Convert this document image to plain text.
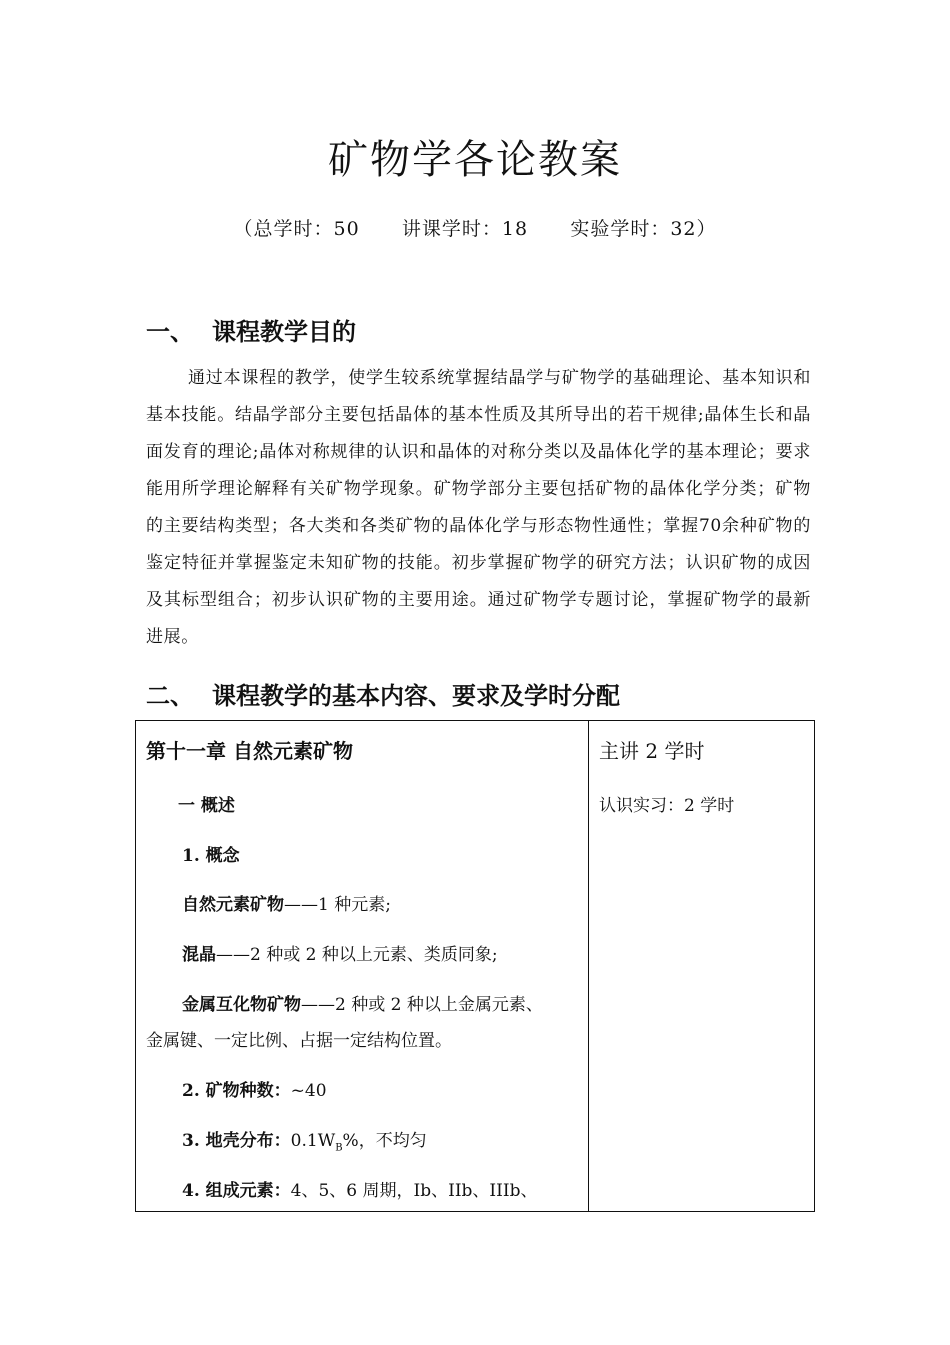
矿物学各论教案
（总学时：50      讲课学时：18      实验学时：32）
一、 课程教学目的

通过本课程的教学，使学生较系统掌握结晶学与矿物学的基础理论、基本知识和基本技能。结晶学部分主要包括晶体的基本性质及其所导出的若干规律;晶体生长和晶面发育的理论;晶体对称规律的认识和晶体的对称分类以及晶体化学的基本理论；要求能用所学理论解释有关矿物学现象。矿物学部分主要包括矿物的晶体化学分类；矿物的主要结构类型；各大类和各类矿物的晶体化学与形态物性通性；掌握70余种矿物的鉴定特征并掌握鉴定未知矿物的技能。初步掌握矿物学的研究方法；认识矿物的成因及其标型组合；初步认识矿物的主要用途。通过矿物学专题讨论，掌握矿物学的最新进展。

二、 课程教学的基本内容、要求及学时分配
第十一章 自然元素矿物
一 概述
1. 概念
自然元素矿物——1 种元素;
混晶——2 种或 2 种以上元素、类质同象;
金属互化物矿物——2 种或 2 种以上金属元素、
金属键、一定比例、占据一定结构位置。
2. 矿物种数：~40
3. 地壳分布：$0.1W_B\%$，不均匀
4. 组成元素：4、5、6 周期，Ib、IIb、IIIb、
主讲 2 学时
认识实习：2 学时
